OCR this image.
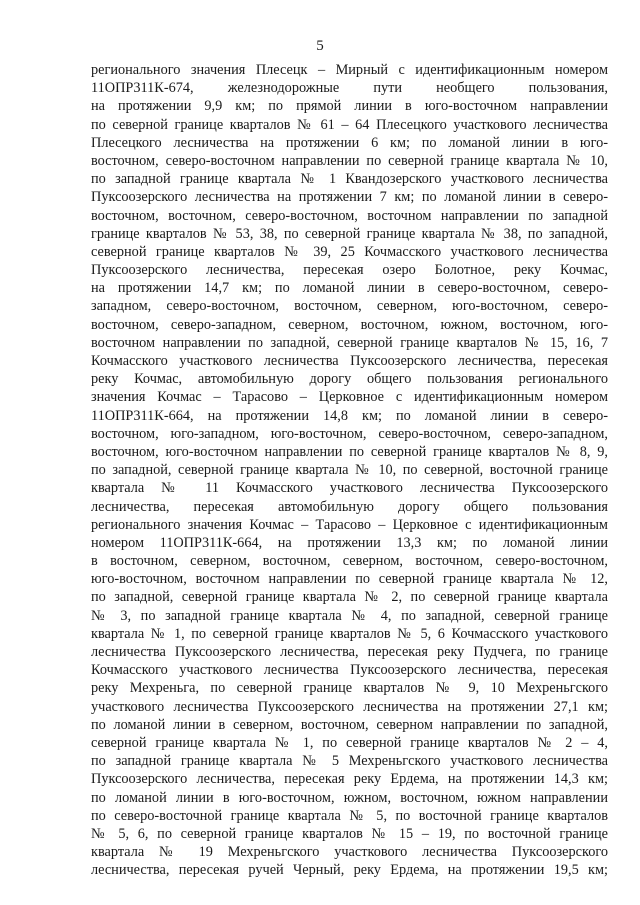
5
регионального значения Плесецк – Мирный с идентификационным номером
11ОПР311К-674, железнодорожные пути необщего пользования,
на протяжении 9,9 км; по прямой линии в юго-восточном направлении
по северной границе кварталов № 61 – 64 Плесецкого участкового лесничества
Плесецкого лесничества на протяжении 6 км; по ломаной линии в юго-
восточном, северо-восточном направлении по северной границе квартала № 10,
по западной границе квартала № 1 Квандозерского участкового лесничества
Пуксоозерского лесничества на протяжении 7 км; по ломаной линии в северо-
восточном, восточном, северо-восточном, восточном направлении по западной
границе кварталов № 53, 38, по северной границе квартала № 38, по западной,
северной границе кварталов № 39, 25 Кочмасского участкового лесничества
Пуксоозерского лесничества, пересекая озеро Болотное, реку Кочмас,
на протяжении 14,7 км; по ломаной линии в северо-восточном, северо-
западном, северо-восточном, восточном, северном, юго-восточном, северо-
восточном, северо-западном, северном, восточном, южном, восточном, юго-
восточном направлении по западной, северной границе кварталов № 15, 16, 7
Кочмасского участкового лесничества Пуксоозерского лесничества, пересекая
реку Кочмас, автомобильную дорогу общего пользования регионального
значения Кочмас – Тарасово – Церковное с идентификационным номером
11ОПР311К-664, на протяжении 14,8 км; по ломаной линии в северо-
восточном, юго-западном, юго-восточном, северо-восточном, северо-западном,
восточном, юго-восточном направлении по северной границе кварталов № 8, 9,
по западной, северной границе квартала № 10, по северной, восточной границе
квартала № 11 Кочмасского участкового лесничества Пуксоозерского
лесничества, пересекая автомобильную дорогу общего пользования
регионального значения Кочмас – Тарасово – Церковное с идентификационным
номером 11ОПР311К-664, на протяжении 13,3 км; по ломаной линии
в восточном, северном, восточном, северном, восточном, северо-восточном,
юго-восточном, восточном направлении по северной границе квартала № 12,
по западной, северной границе квартала № 2, по северной границе квартала
№ 3, по западной границе квартала № 4, по западной, северной границе
квартала № 1, по северной границе кварталов № 5, 6 Кочмасского участкового
лесничества Пуксоозерского лесничества, пересекая реку Пудчега, по границе
Кочмасского участкового лесничества Пуксоозерского лесничества, пересекая
реку Мехреньга, по северной границе кварталов № 9, 10 Мехреньгского
участкового лесничества Пуксоозерского лесничества на протяжении 27,1 км;
по ломаной линии в северном, восточном, северном направлении по западной,
северной границе квартала № 1, по северной границе кварталов № 2 – 4,
по западной границе квартала № 5 Мехреньгского участкового лесничества
Пуксоозерского лесничества, пересекая реку Ердема, на протяжении 14,3 км;
по ломаной линии в юго-восточном, южном, восточном, южном направлении
по северо-восточной границе квартала № 5, по восточной границе кварталов
№ 5, 6, по северной границе кварталов № 15 – 19, по восточной границе
квартала № 19 Мехреньгского участкового лесничества Пуксоозерского
лесничества, пересекая ручей Черный, реку Ердема, на протяжении 19,5 км;
